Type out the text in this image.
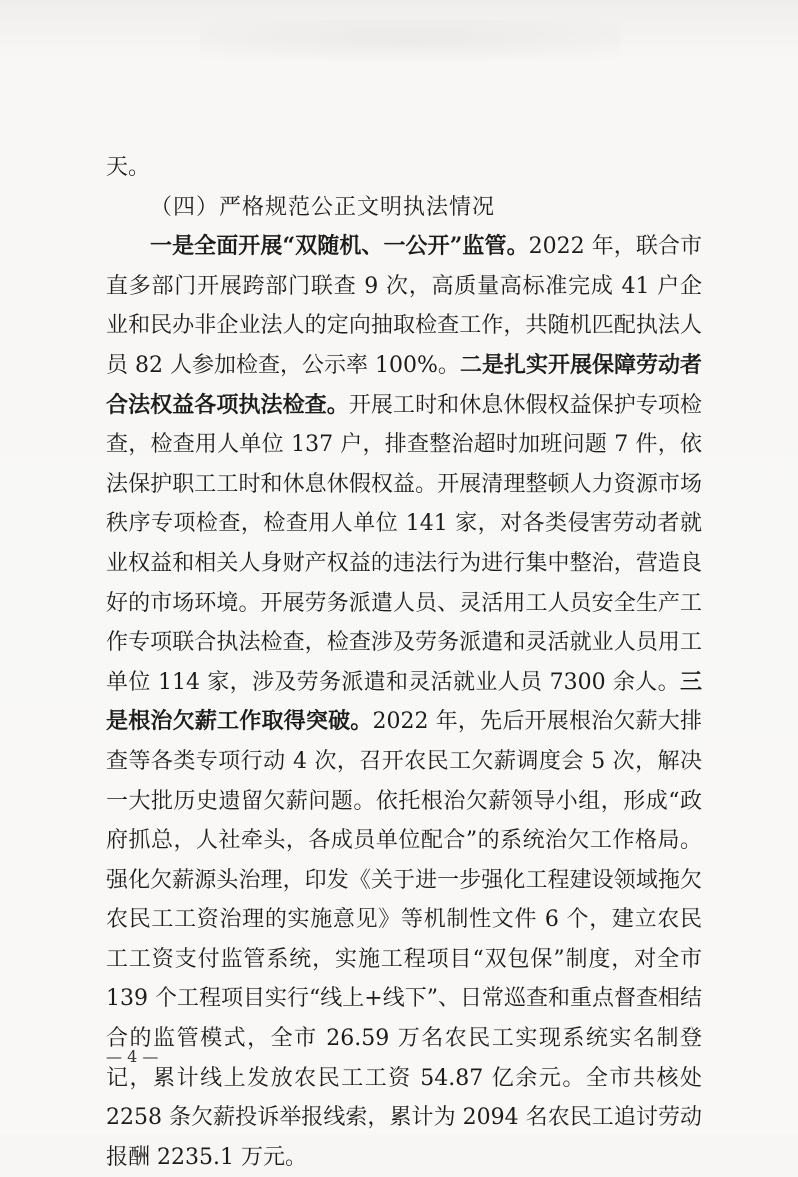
天。

（四）严格规范公正文明执法情况

一是全面开展“双随机、一公开”监管。2022 年，联合市直多部门开展跨部门联查 9 次，高质量高标准完成 41 户企业和民办非企业法人的定向抽取检查工作，共随机匹配执法人员 82 人参加检查，公示率 100%。二是扎实开展保障劳动者合法权益各项执法检查。开展工时和休息休假权益保护专项检查，检查用人单位 137 户，排查整治超时加班问题 7 件，依法保护职工工时和休息休假权益。开展清理整顿人力资源市场秩序专项检查，检查用人单位 141 家，对各类侵害劳动者就业权益和相关人身财产权益的违法行为进行集中整治，营造良好的市场环境。开展劳务派遣人员、灵活用工人员安全生产工作专项联合执法检查，检查涉及劳务派遣和灵活就业人员用工单位 114 家，涉及劳务派遣和灵活就业人员 7300 余人。三是根治欠薪工作取得突破。2022 年，先后开展根治欠薪大排查等各类专项行动 4 次，召开农民工欠薪调度会 5 次，解决一大批历史遗留欠薪问题。依托根治欠薪领导小组，形成“政府抓总，人社牵头，各成员单位配合”的系统治欠工作格局。强化欠薪源头治理，印发《关于进一步强化工程建设领域拖欠农民工工资治理的实施意见》等机制性文件 6 个，建立农民工工资支付监管系统，实施工程项目“双包保”制度，对全市 139 个工程项目实行“线上+线下”、日常巡查和重点督查相结合的监管模式，全市 26.59 万名农民工实现系统实名制登记，累计线上发放农民工工资 54.87 亿余元。全市共核处 2258 条欠薪投诉举报线索，累计为 2094 名农民工追讨劳动报酬 2235.1 万元。

— 4 —
